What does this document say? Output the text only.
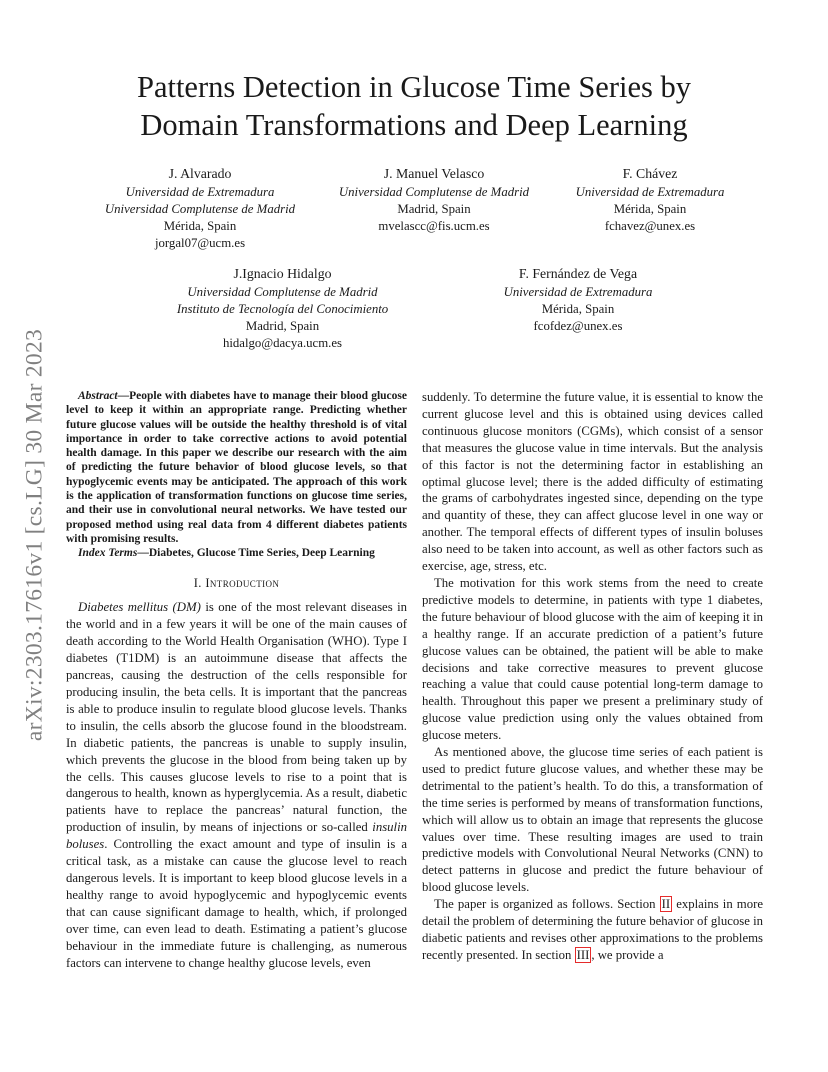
arXiv:2303.17616v1 [cs.LG] 30 Mar 2023
Patterns Detection in Glucose Time Series by
Domain Transformations and Deep Learning
J. Alvarado
Universidad de Extremadura
Universidad Complutense de Madrid
Mérida, Spain
jorgal07@ucm.es
J. Manuel Velasco
Universidad Complutense de Madrid
Madrid, Spain
mvelascc@fis.ucm.es
F. Chávez
Universidad de Extremadura
Mérida, Spain
fchavez@unex.es
J.Ignacio Hidalgo
Universidad Complutense de Madrid
Instituto de Tecnología del Conocimiento
Madrid, Spain
hidalgo@dacya.ucm.es
F. Fernández de Vega
Universidad de Extremadura
Mérida, Spain
fcofdez@unex.es

Abstract—People with diabetes have to manage their blood glucose level to keep it within an appropriate range. Predicting whether future glucose values will be outside the healthy threshold is of vital importance in order to take corrective actions to avoid potential health damage. In this paper we describe our research with the aim of predicting the future behavior of blood glucose levels, so that hypoglycemic events may be anticipated. The approach of this work is the application of transformation functions on glucose time series, and their use in convolutional neural networks. We have tested our proposed method using real data from 4 different diabetes patients with promising results.

Index Terms—Diabetes, Glucose Time Series, Deep Learning

I. Introduction

Diabetes mellitus (DM) is one of the most relevant diseases in the world and in a few years it will be one of the main causes of death according to the World Health Organisation (WHO). Type I diabetes (T1DM) is an autoimmune disease that affects the pancreas, causing the destruction of the cells responsible for producing insulin, the beta cells. It is important that the pancreas is able to produce insulin to regulate blood glucose levels. Thanks to insulin, the cells absorb the glucose found in the bloodstream. In diabetic patients, the pancreas is unable to supply insulin, which prevents the glucose in the blood from being taken up by the cells. This causes glucose levels to rise to a point that is dangerous to health, known as hyperglycemia. As a result, diabetic patients have to replace the pancreas’ natural function, the production of insulin, by means of injections or so-called insulin boluses. Controlling the exact amount and type of insulin is a critical task, as a mistake can cause the glucose level to reach dangerous levels. It is important to keep blood glucose levels in a healthy range to avoid hypoglycemic and hypoglycemic events that can cause significant damage to health, which, if prolonged over time, can even lead to death. Estimating a patient’s glucose behaviour in the immediate future is challenging, as numerous factors can intervene to change healthy glucose levels, even

suddenly. To determine the future value, it is essential to know the current glucose level and this is obtained using devices called continuous glucose monitors (CGMs), which consist of a sensor that measures the glucose value in time intervals. But the analysis of this factor is not the determining factor in establishing an optimal glucose level; there is the added difficulty of estimating the grams of carbohydrates ingested since, depending on the type and quantity of these, they can affect glucose level in one way or another. The temporal effects of different types of insulin boluses also need to be taken into account, as well as other factors such as exercise, age, stress, etc.

The motivation for this work stems from the need to create predictive models to determine, in patients with type 1 diabetes, the future behaviour of blood glucose with the aim of keeping it in a healthy range. If an accurate prediction of a patient’s future glucose values can be obtained, the patient will be able to make decisions and take corrective measures to prevent glucose reaching a value that could cause potential long-term damage to health. Throughout this paper we present a preliminary study of glucose value prediction using only the values obtained from glucose meters.

As mentioned above, the glucose time series of each patient is used to predict future glucose values, and whether these may be detrimental to the patient’s health. To do this, a transformation of the time series is performed by means of transformation functions, which will allow us to obtain an image that represents the glucose values over time. These resulting images are used to train predictive models with Convolutional Neural Networks (CNN) to detect patterns in glucose and predict the future behaviour of blood glucose levels.

The paper is organized as follows. Section II explains in more detail the problem of determining the future behavior of glucose in diabetic patients and revises other approximations to the problems recently presented. In section III , we provide a
